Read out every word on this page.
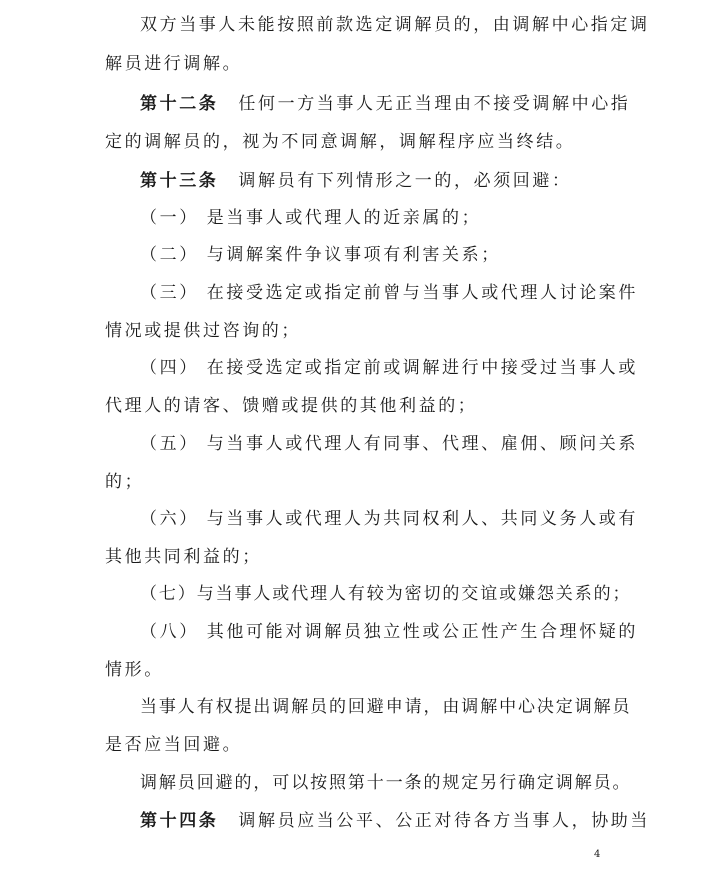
双方当事人未能按照前款选定调解员的，由调解中心指定调
解员进行调解。
第十二条 任何一方当事人无正当理由不接受调解中心指
定的调解员的，视为不同意调解，调解程序应当终结。
第十三条 调解员有下列情形之一的，必须回避：
（一） 是当事人或代理人的近亲属的；
（二） 与调解案件争议事项有利害关系；
（三） 在接受选定或指定前曾与当事人或代理人讨论案件
情况或提供过咨询的；
（四） 在接受选定或指定前或调解进行中接受过当事人或
代理人的请客、馈赠或提供的其他利益的；
（五） 与当事人或代理人有同事、代理、雇佣、顾问关系
的；
（六） 与当事人或代理人为共同权利人、共同义务人或有
其他共同利益的；
（七）与当事人或代理人有较为密切的交谊或嫌怨关系的；
（八） 其他可能对调解员独立性或公正性产生合理怀疑的
情形。
当事人有权提出调解员的回避申请，由调解中心决定调解员
是否应当回避。
调解员回避的，可以按照第十一条的规定另行确定调解员。
第十四条 调解员应当公平、公正对待各方当事人，协助当
4
